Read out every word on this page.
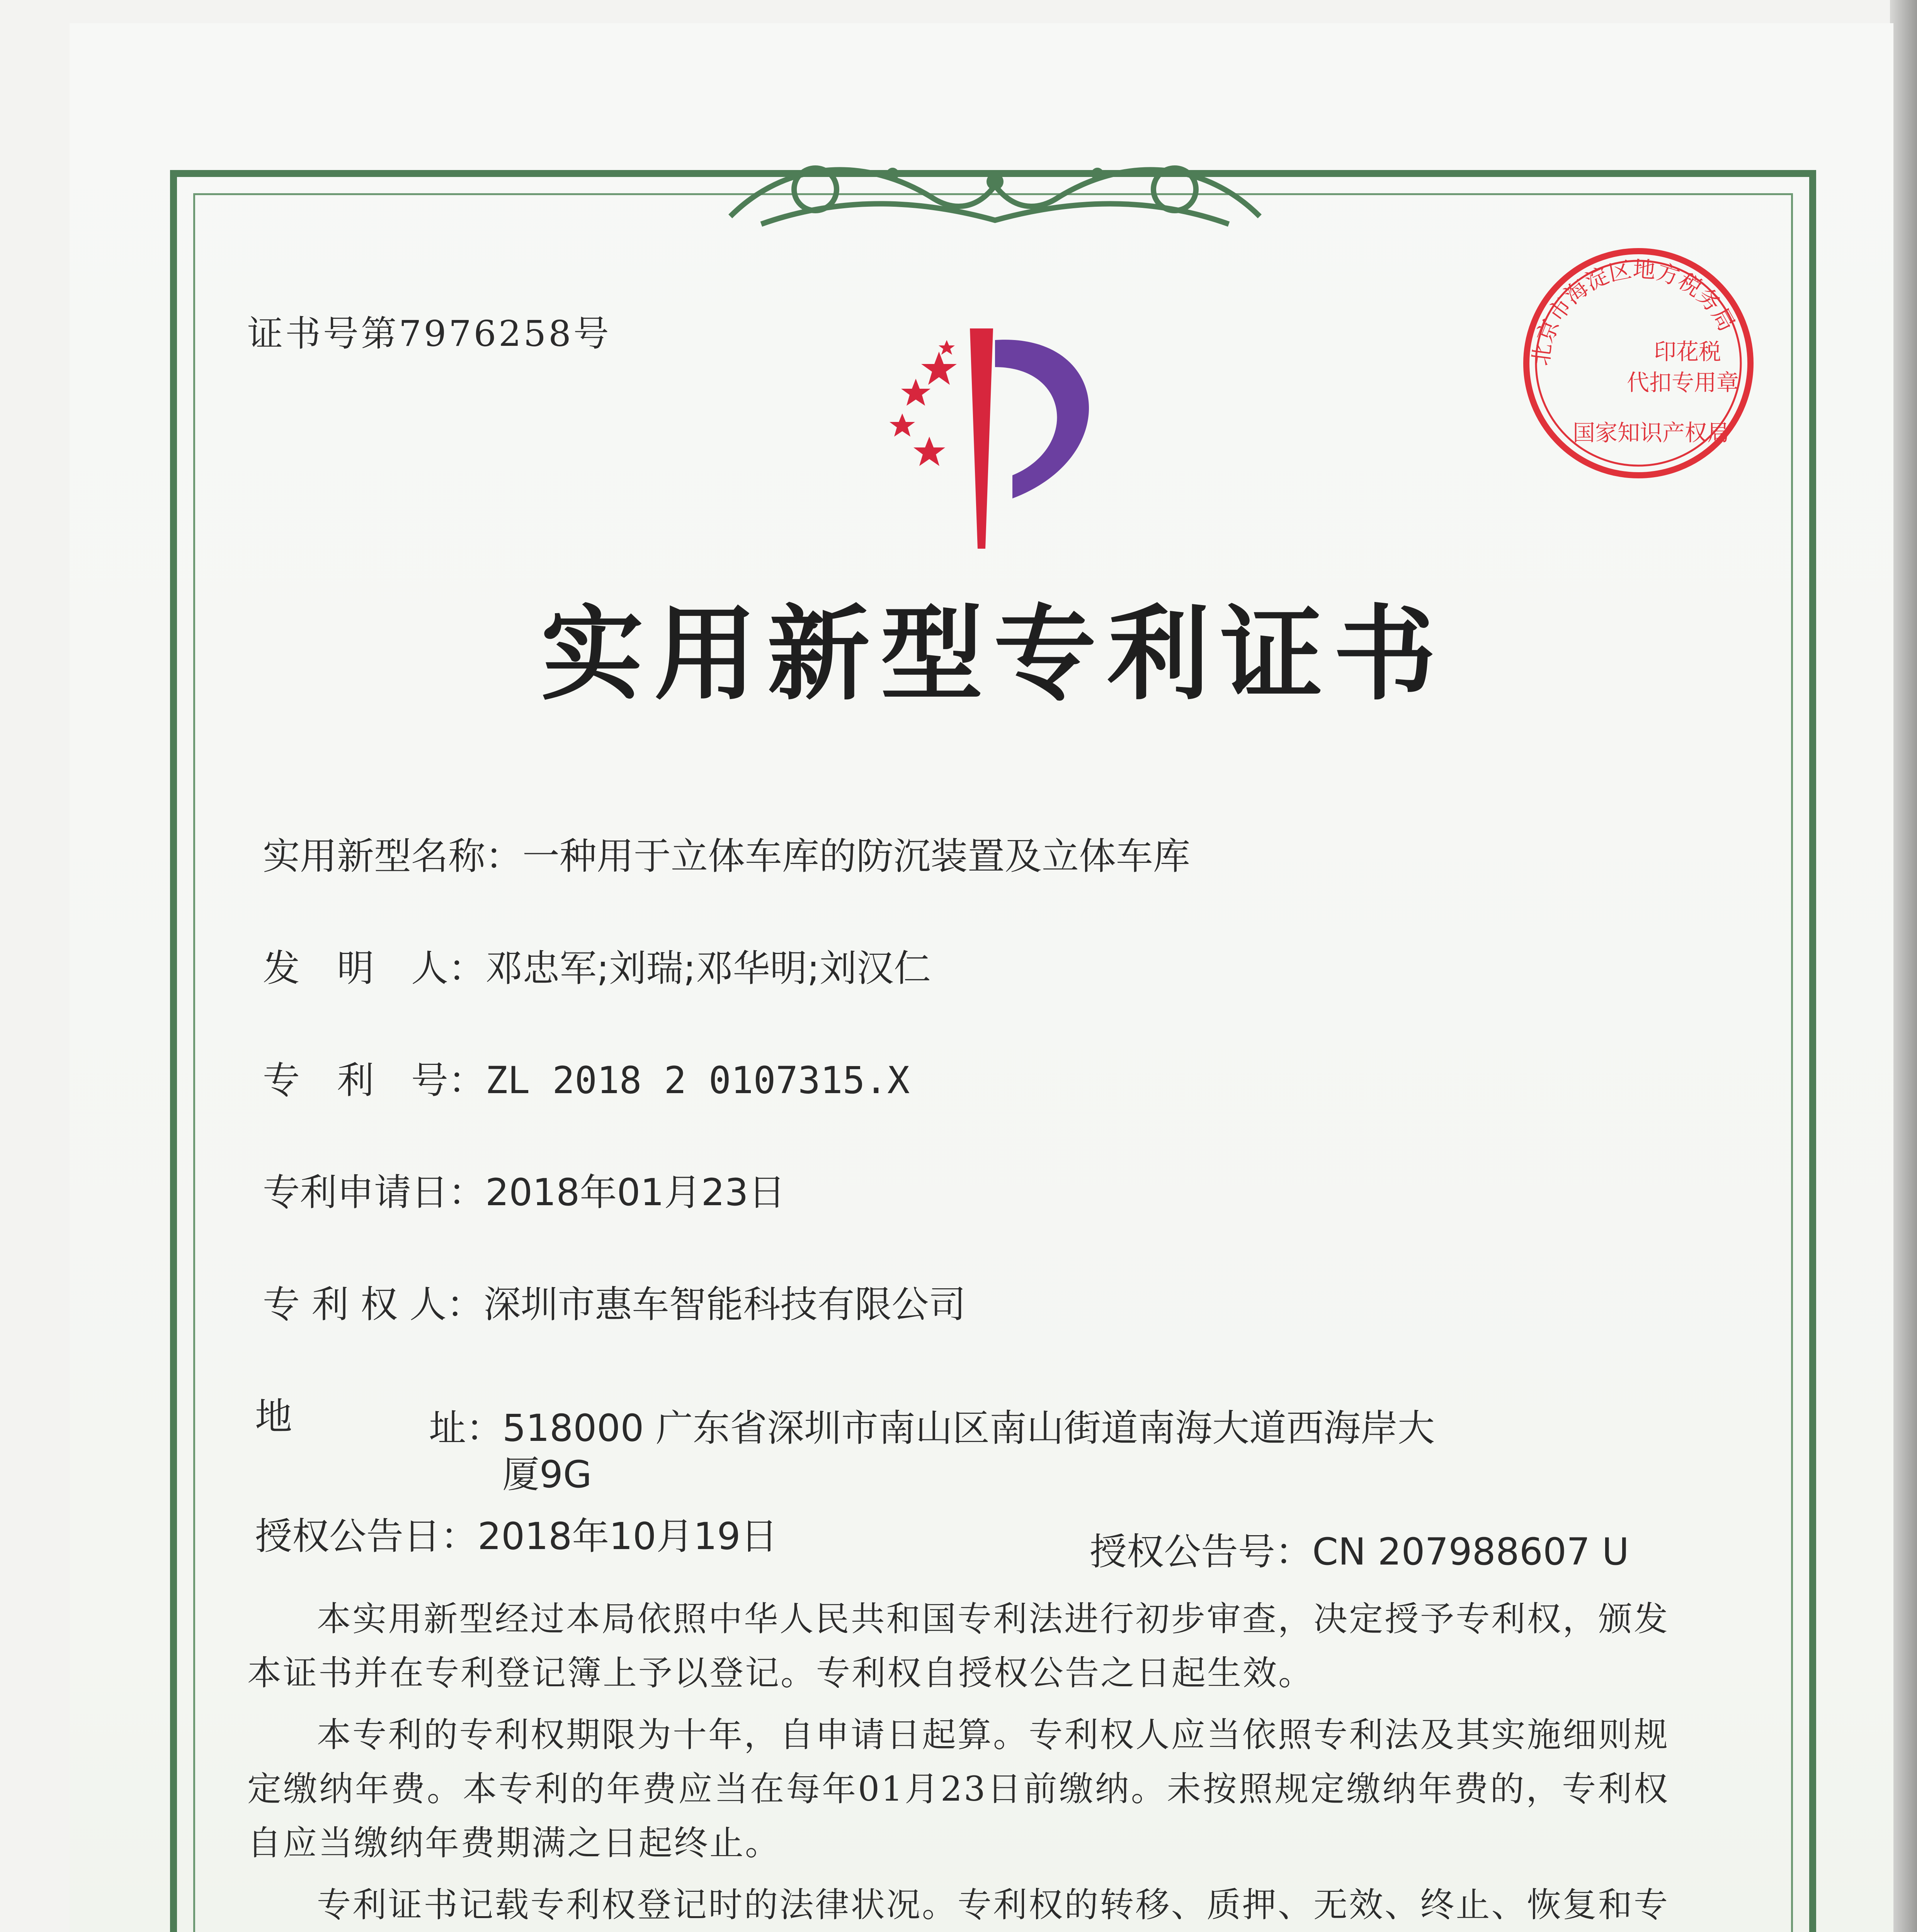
证书号第7976258号
北京市海淀区地方税务局
印花税
代扣专用章
国家知识产权局
实用新型专利证书
实用新型名称：一种用于立体车库的防沉装置及立体车库
发　明　人：邓忠军;刘瑞;邓华明;刘汉仁
专　利　号：ZL 2018 2 0107315.X
专利申请日：2018年01月23日
专 利 权 人：深圳市惠车智能科技有限公司
地	址：
518000 广东省深圳市南山区南山街道南海大道西海岸大
厦9G
授权公告日：2018年10月19日	授权公告号：CN 207988607 U
本实用新型经过本局依照中华人民共和国专利法进行初步审查，决定授予专利权，颁发本证书并在专利登记簿上予以登记。专利权自授权公告之日起生效。
本专利的专利权期限为十年，自申请日起算。专利权人应当依照专利法及其实施细则规定缴纳年费。本专利的年费应当在每年01月23日前缴纳。未按照规定缴纳年费的，专利权自应当缴纳年费期满之日起终止。
专利证书记载专利权登记时的法律状况。专利权的转移、质押、无效、终止、恢复和专
